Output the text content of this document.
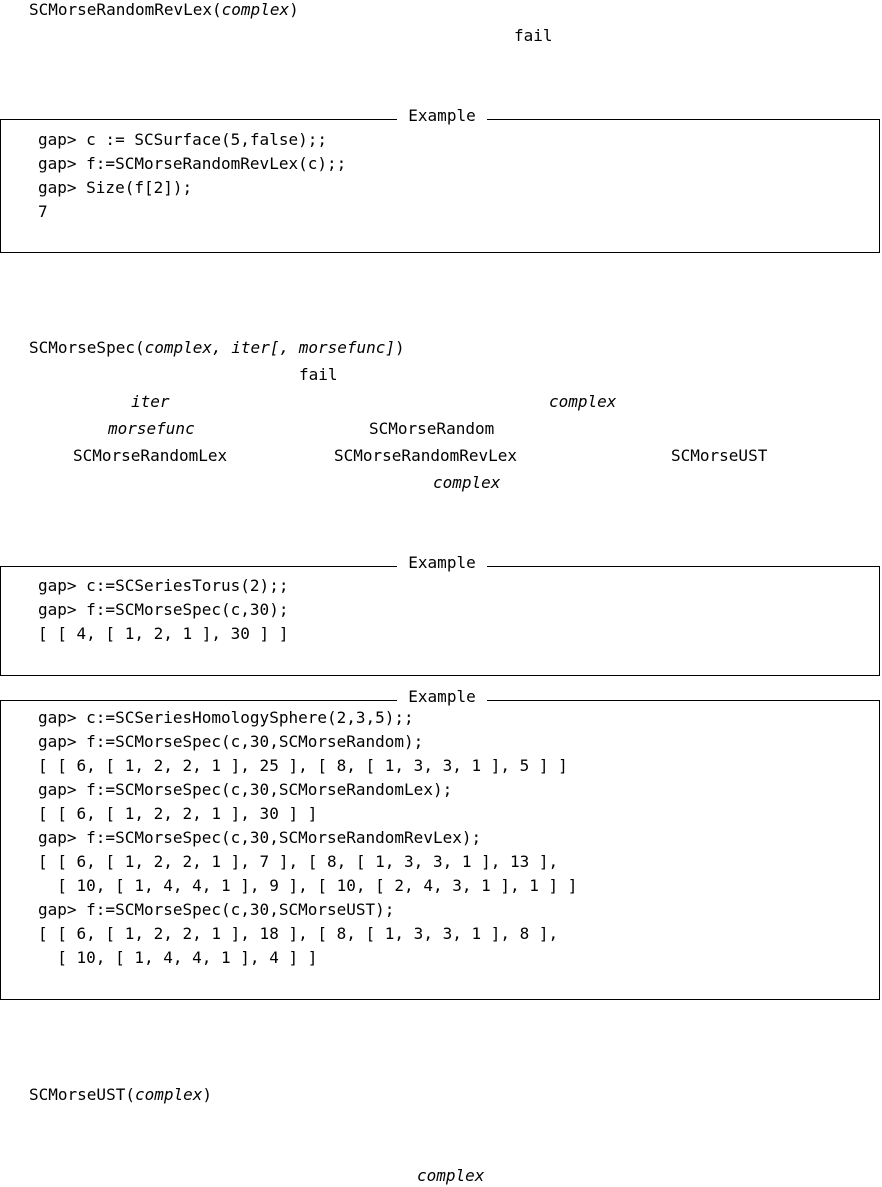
SCMorseRandomRevLex(complex)
fail
Example
gap> c := SCSurface(5,false);;
gap> f:=SCMorseRandomRevLex(c);;
gap> Size(f[2]);
7
SCMorseSpec(complex, iter[, morsefunc])
fail
iter	complex
morsefunc	SCMorseRandom
SCMorseRandomLex	SCMorseRandomRevLex	SCMorseUST
complex
Example
gap> c:=SCSeriesTorus(2);;
gap> f:=SCMorseSpec(c,30);
[ [ 4, [ 1, 2, 1 ], 30 ] ]
Example
gap> c:=SCSeriesHomologySphere(2,3,5);;
gap> f:=SCMorseSpec(c,30,SCMorseRandom);
[ [ 6, [ 1, 2, 2, 1 ], 25 ], [ 8, [ 1, 3, 3, 1 ], 5 ] ]
gap> f:=SCMorseSpec(c,30,SCMorseRandomLex);
[ [ 6, [ 1, 2, 2, 1 ], 30 ] ]
gap> f:=SCMorseSpec(c,30,SCMorseRandomRevLex);
[ [ 6, [ 1, 2, 2, 1 ], 7 ], [ 8, [ 1, 3, 3, 1 ], 13 ],
[ 10, [ 1, 4, 4, 1 ], 9 ], [ 10, [ 2, 4, 3, 1 ], 1 ] ]
gap> f:=SCMorseSpec(c,30,SCMorseUST);
[ [ 6, [ 1, 2, 2, 1 ], 18 ], [ 8, [ 1, 3, 3, 1 ], 8 ],
[ 10, [ 1, 4, 4, 1 ], 4 ] ]
SCMorseUST(complex)
complex
